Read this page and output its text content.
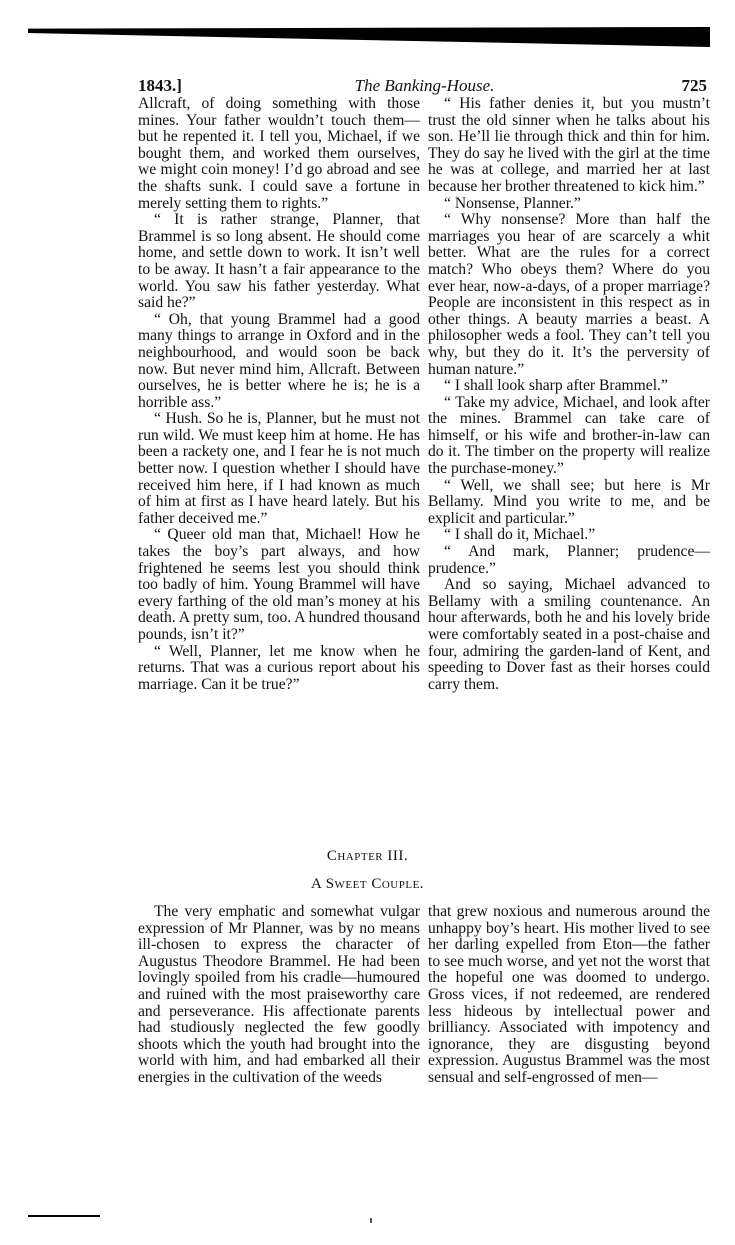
1843.]	The Banking-House.	725

Allcraft, of doing something with those mines. Your father wouldn’t touch them—but he repented it. I tell you, Michael, if we bought them, and worked them ourselves, we might coin money! I’d go abroad and see the shafts sunk. I could save a fortune in merely setting them to rights.”

“ It is rather strange, Planner, that Brammel is so long absent. He should come home, and settle down to work. It isn’t well to be away. It hasn’t a fair appearance to the world. You saw his father yesterday. What said he?”

“ Oh, that young Brammel had a good many things to arrange in Oxford and in the neighbourhood, and would soon be back now. But never mind him, Allcraft. Between ourselves, he is better where he is; he is a horrible ass.”

“ Hush. So he is, Planner, but he must not run wild. We must keep him at home. He has been a rackety one, and I fear he is not much better now. I question whether I should have received him here, if I had known as much of him at first as I have heard lately. But his father deceived me.”

“ Queer old man that, Michael! How he takes the boy’s part always, and how frightened he seems lest you should think too badly of him. Young Brammel will have every farthing of the old man’s money at his death. A pretty sum, too. A hundred thousand pounds, isn’t it?”

“ Well, Planner, let me know when he returns. That was a curious report about his marriage. Can it be true?”

“ His father denies it, but you mustn’t trust the old sinner when he talks about his son. He’ll lie through thick and thin for him. They do say he lived with the girl at the time he was at college, and married her at last because her brother threatened to kick him.”

“ Nonsense, Planner.”

“ Why nonsense? More than half the marriages you hear of are scarcely a whit better. What are the rules for a correct match? Who obeys them? Where do you ever hear, now-a-days, of a proper marriage? People are inconsistent in this respect as in other things. A beauty marries a beast. A philosopher weds a fool. They can’t tell you why, but they do it. It’s the perversity of human nature.”

“ I shall look sharp after Brammel.”

“ Take my advice, Michael, and look after the mines. Brammel can take care of himself, or his wife and brother-in-law can do it. The timber on the property will realize the purchase-money.”

“ Well, we shall see; but here is Mr Bellamy. Mind you write to me, and be explicit and particular.”

“ I shall do it, Michael.”

“ And mark, Planner; prudence—prudence.”

And so saying, Michael advanced to Bellamy with a smiling countenance. An hour afterwards, both he and his lovely bride were comfortably seated in a post-chaise and four, admiring the garden-land of Kent, and speeding to Dover fast as their horses could carry them.

Chapter III.
A Sweet Couple.

The very emphatic and somewhat vulgar expression of Mr Planner, was by no means ill-chosen to express the character of Augustus Theodore Brammel. He had been lovingly spoiled from his cradle—humoured and ruined with the most praiseworthy care and perseverance. His affectionate parents had studiously neglected the few goodly shoots which the youth had brought into the world with him, and had embarked all their energies in the cultivation of the weeds

that grew noxious and numerous around the unhappy boy’s heart. His mother lived to see her darling expelled from Eton—the father to see much worse, and yet not the worst that the hopeful one was doomed to undergo. Gross vices, if not redeemed, are rendered less hideous by intellectual power and brilliancy. Associated with impotency and ignorance, they are disgusting beyond expression. Augustus Brammel was the most sensual and self-engrossed of men—
